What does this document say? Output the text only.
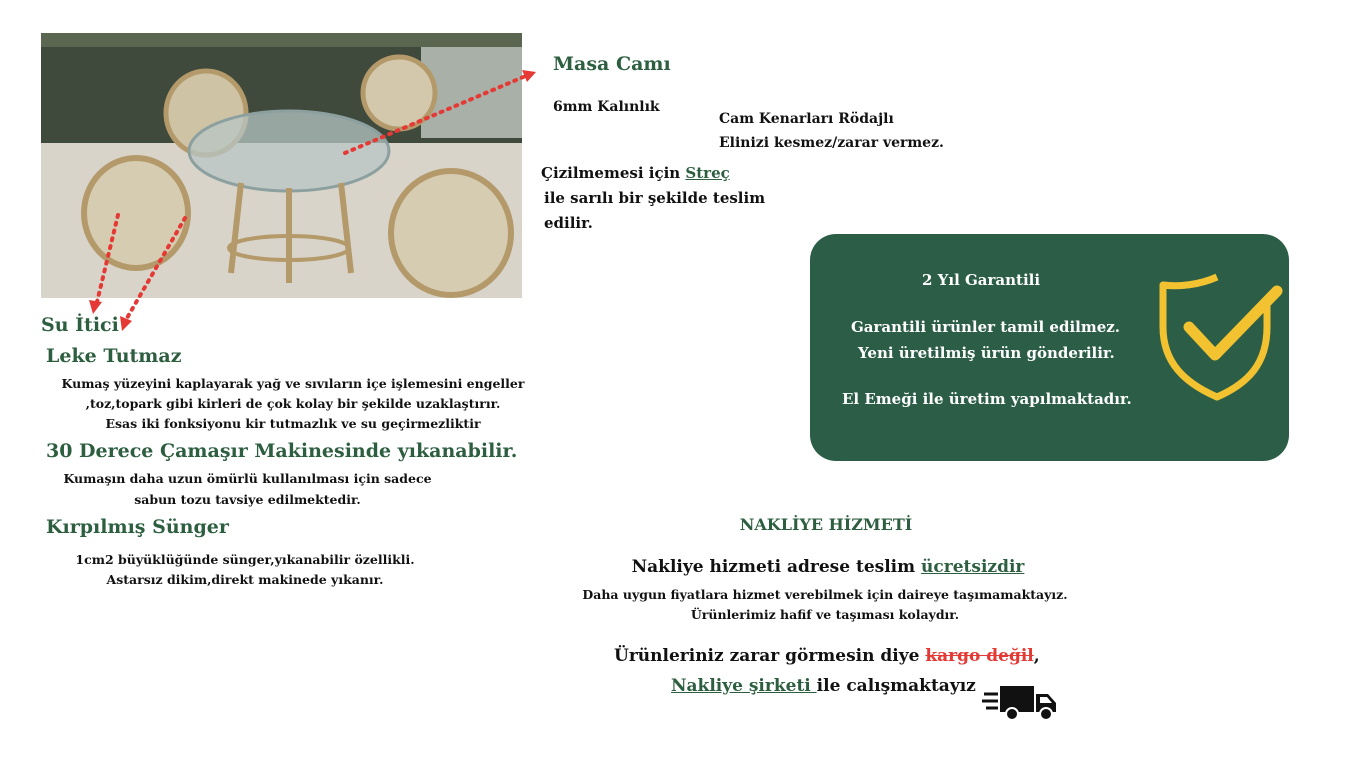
Masa Camı
6mm Kalınlık
Cam Kenarları Rödajlı
Elinizi kesmez/zarar vermez.
Çizilmemesi için Streç
ile sarılı bir şekilde teslim
edilir.
Su İtici
Leke Tutmaz
Kumaş yüzeyini kaplayarak yağ ve sıvıların içe işlemesini engeller
,toz,topark gibi kirleri de çok kolay bir şekilde uzaklaştırır.
Esas iki fonksiyonu kir tutmazlık ve su geçirmezliktir
30 Derece Çamaşır Makinesinde yıkanabilir.
Kumaşın daha uzun ömürlü kullanılması için sadece
sabun tozu tavsiye edilmektedir.
Kırpılmış Sünger
1cm2 büyüklüğünde sünger,yıkanabilir özellikli.
Astarsız dikim,direkt makinede yıkanır.
2 Yıl Garantili
Garantili ürünler tamil edilmez.
Yeni üretilmiş ürün gönderilir.
El Emeği ile üretim yapılmaktadır.
NAKLİYE HİZMETİ
Nakliye hizmeti adrese teslim ücretsizdir
Daha uygun fiyatlara hizmet verebilmek için daireye taşımamaktayız.
Ürünlerimiz hafif ve taşıması kolaydır.
Ürünleriniz zarar görmesin diye kargo değil,
Nakliye şirketi ile calışmaktayız
